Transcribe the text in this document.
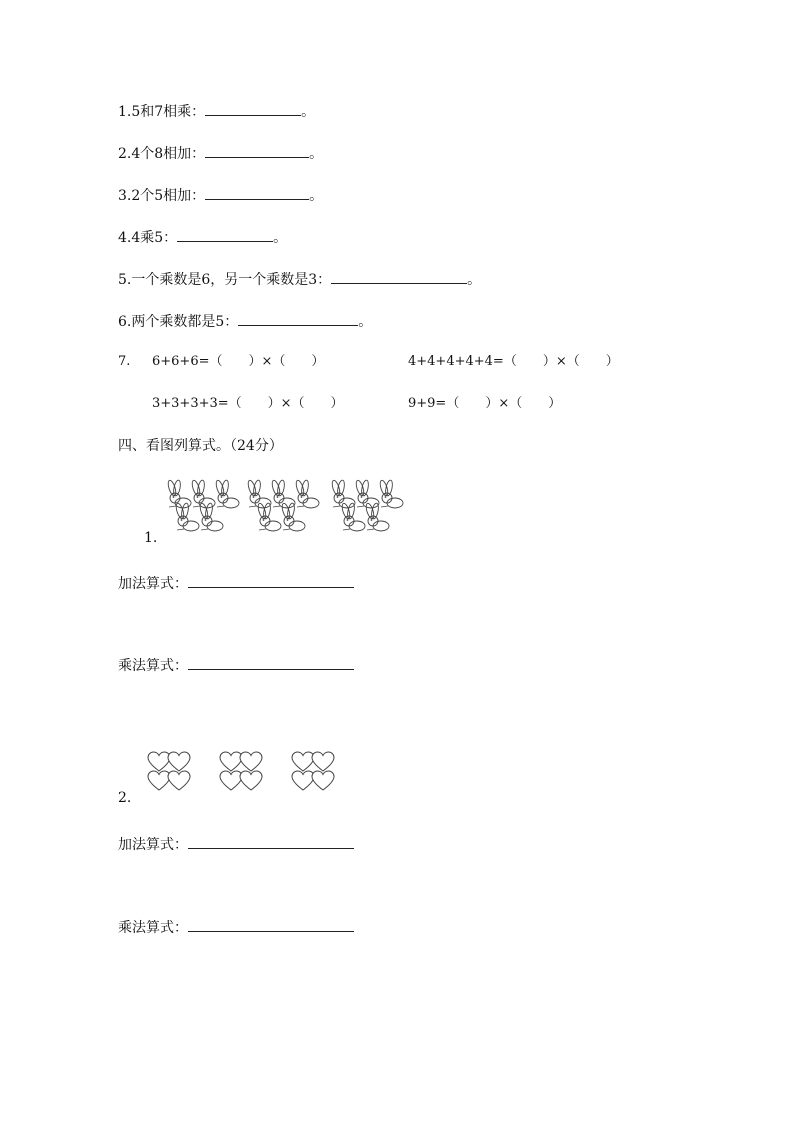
1.5和7相乘：	。
2.4个8相加：	。
3.2个5相加：	。
4.4乘5：	。
5.一个乘数是6，另一个乘数是3：	。
6.两个乘数都是5：	。
7. 6+6+6=（　　）×（　　）	4+4+4+4+4=（　　）×（　　）
3+3+3+3=（　　）×（　　）	9+9=（　　）×（　　）
四、看图列算式。（24分）
1.
加法算式：
乘法算式：
2.
加法算式：
乘法算式：
